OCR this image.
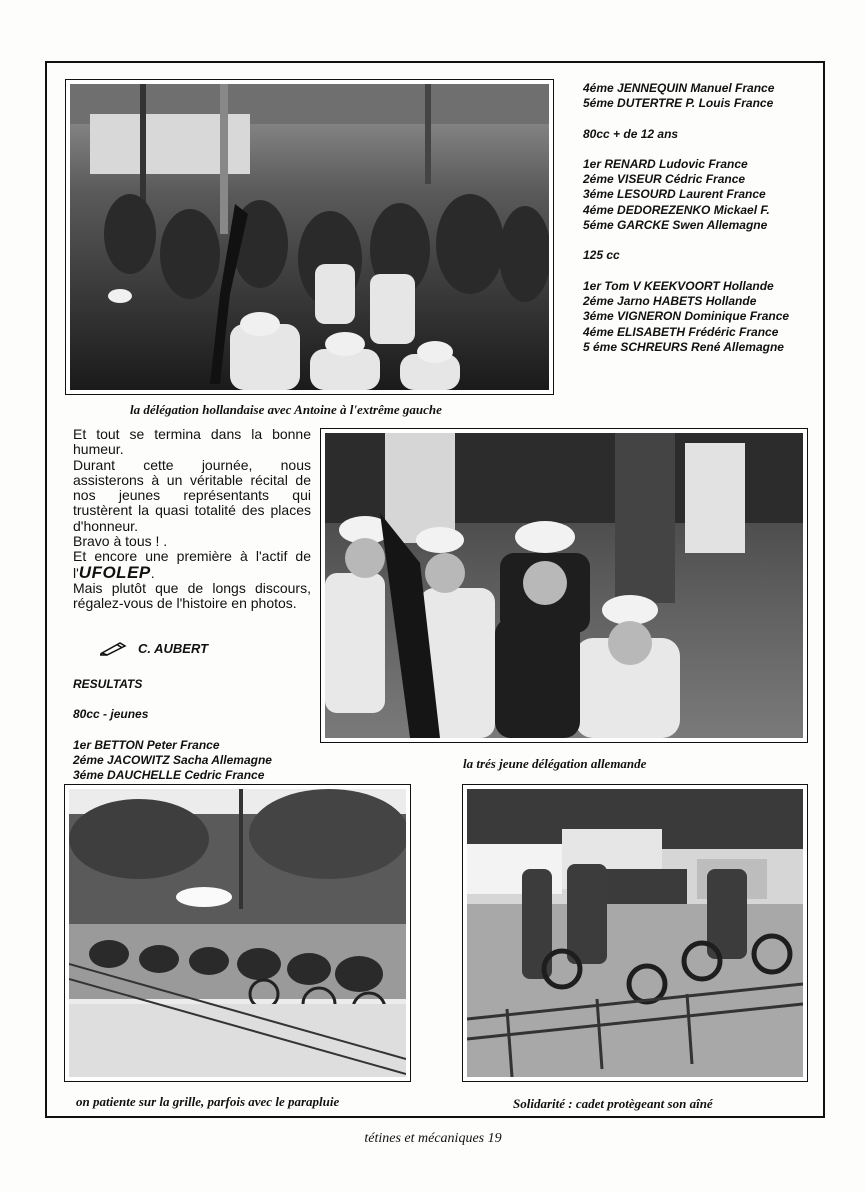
la délégation hollandaise avec Antoine à l'extrême gauche
4éme JENNEQUIN Manuel France
5éme DUTERTRE P. Louis France
80cc + de 12 ans
1er RENARD Ludovic France
2éme VISEUR Cédric France
3éme LESOURD Laurent France
4éme DEDOREZENKO Mickael F.
5éme GARCKE Swen Allemagne
125 cc
1er Tom V KEEKVOORT Hollande
2éme Jarno HABETS Hollande
3éme VIGNERON Dominique France
4éme ELISABETH Frédéric France
5 éme SCHREURS René Allemagne

Et tout se termina dans la bonne humeur.

Durant cette journée, nous assisterons à un véritable récital de nos jeunes représentants qui trustèrent la quasi totalité des places d'honneur.

Bravo à tous ! .

Et encore une première à l'actif de l'UFOLEP.

Mais plutôt que de longs discours, régalez-vous de l'histoire en photos.

C. AUBERT
RESULTATS
80cc - jeunes
1er BETTON Peter France
2éme JACOWITZ Sacha Allemagne
3éme DAUCHELLE Cedric France
la trés jeune délégation allemande
on patiente sur la grille, parfois avec le parapluie	Solidarité : cadet protègeant son aîné
tétines et mécaniques 19
